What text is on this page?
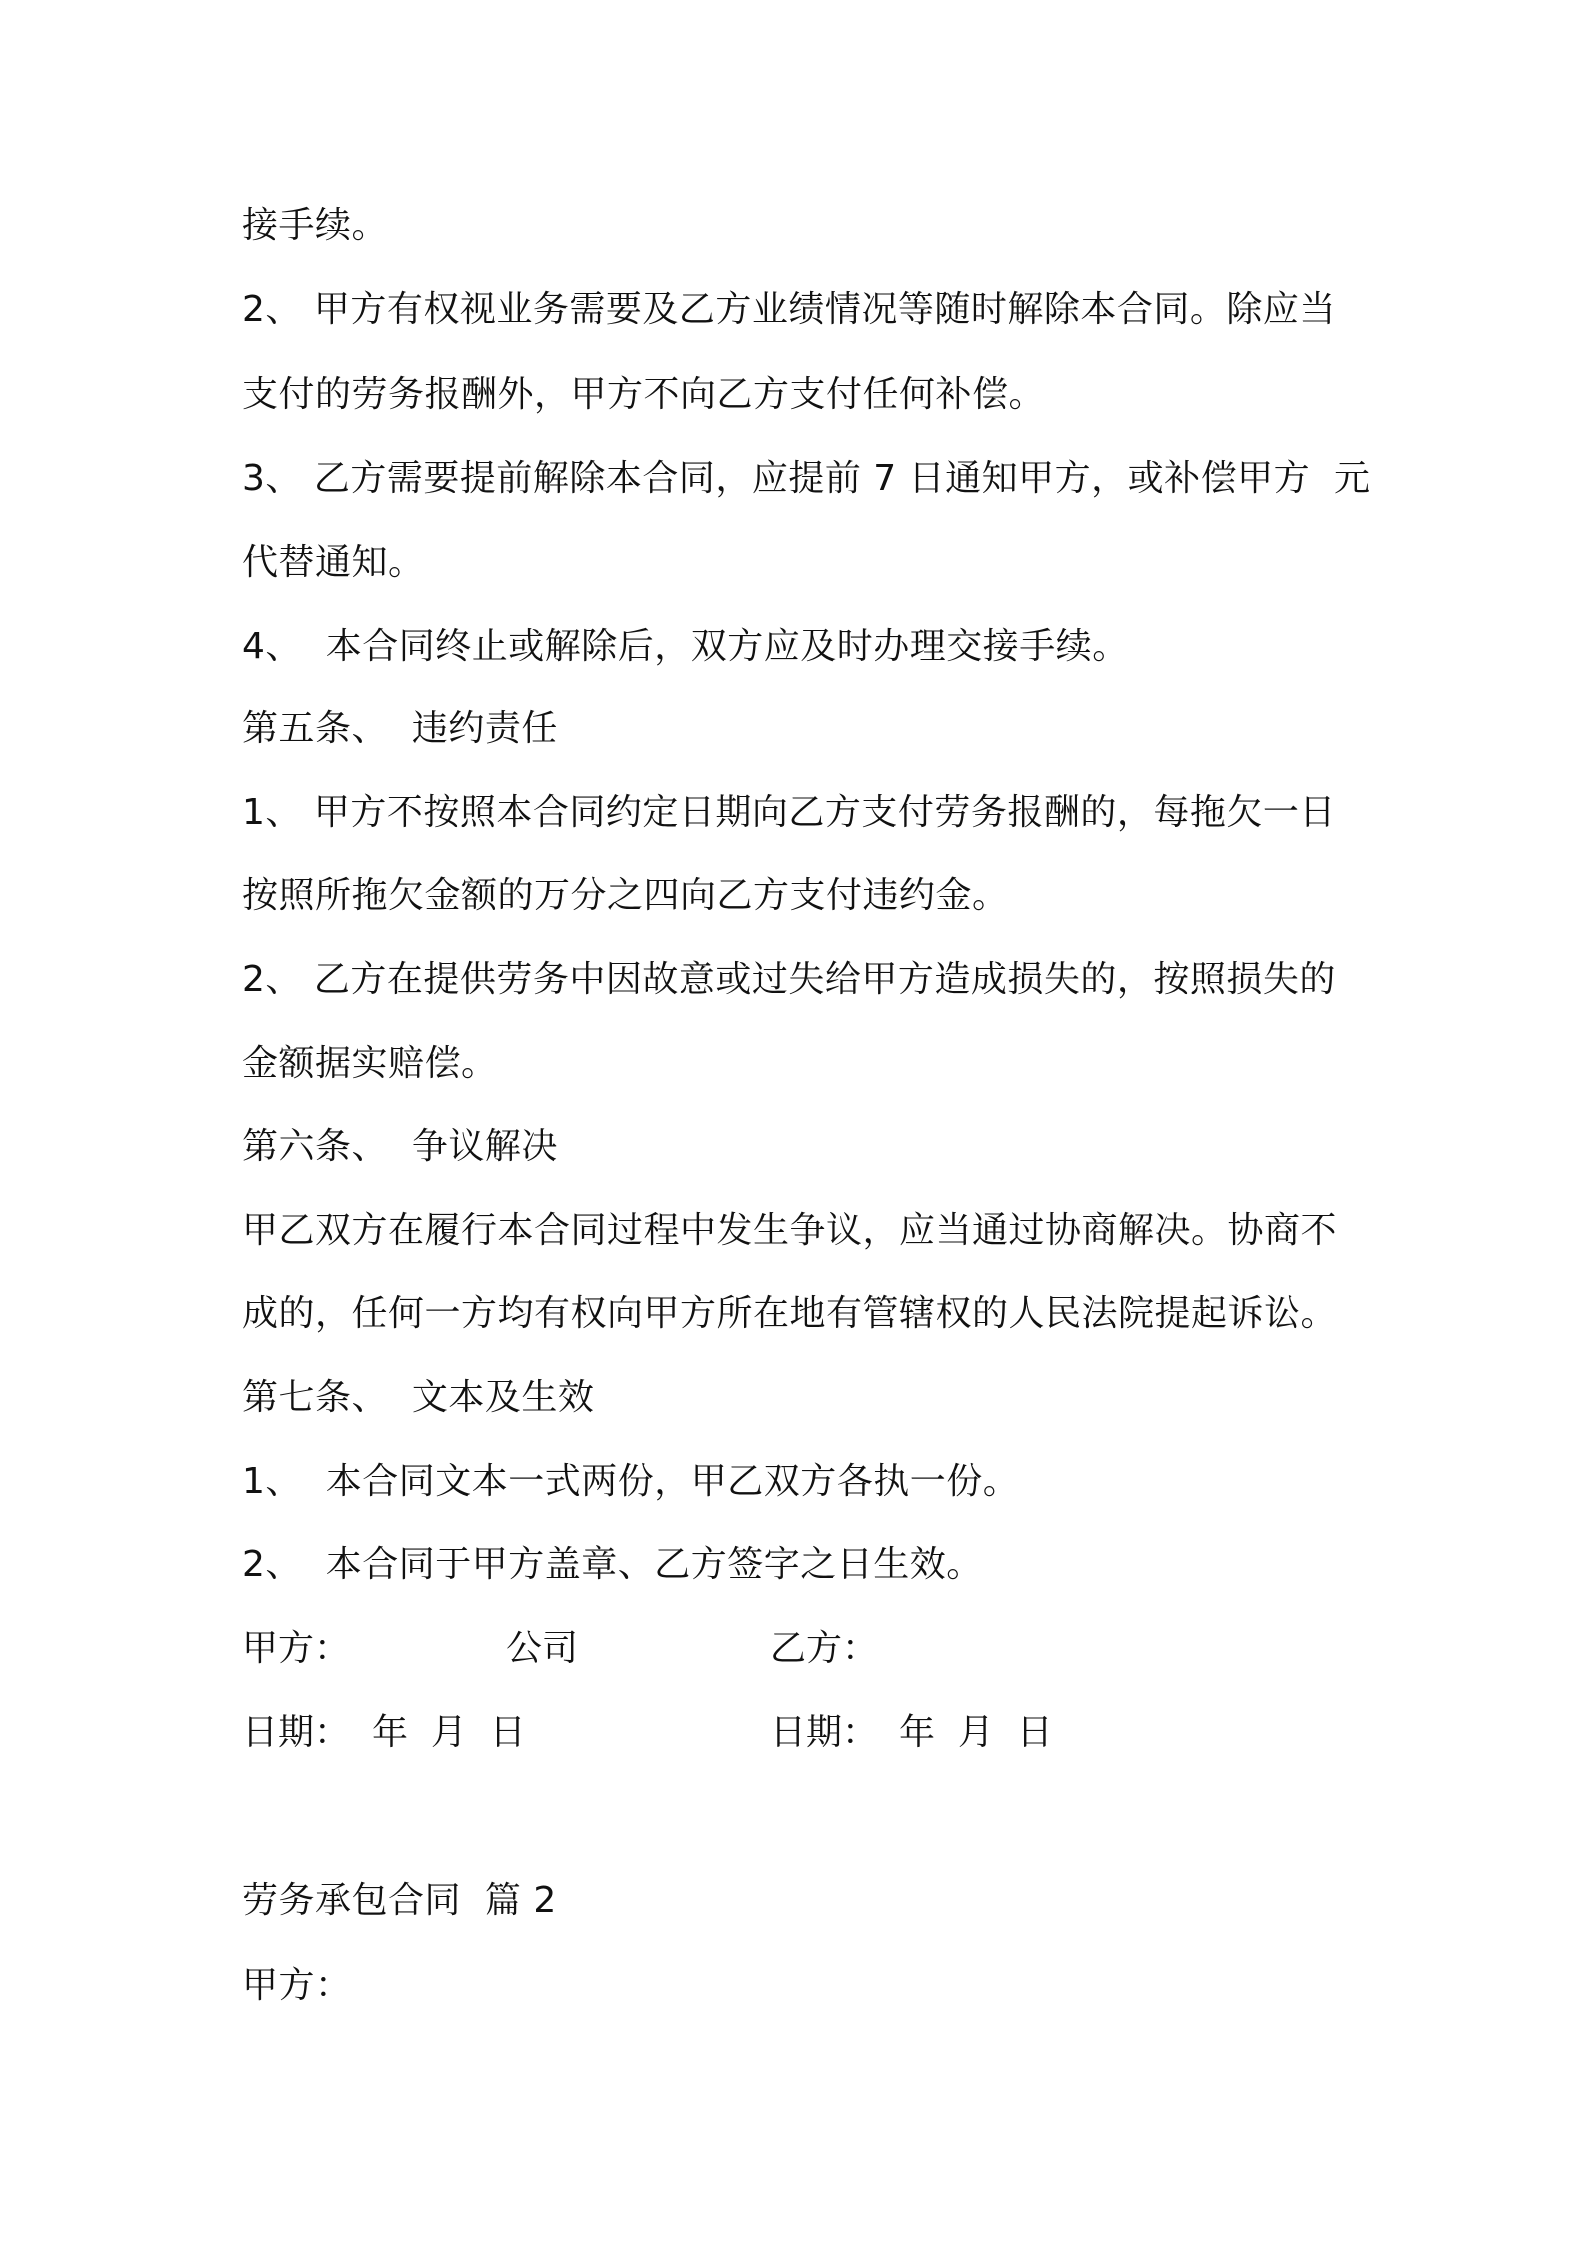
接手续。
2、 甲方有权视业务需要及乙方业绩情况等随时解除本合同。除应当
支付的劳务报酬外，甲方不向乙方支付任何补偿。
3、 乙方需要提前解除本合同，应提前 7 日通知甲方，或补偿甲方  元
代替通知。
4、  本合同终止或解除后，双方应及时办理交接手续。
第五条、  违约责任
1、 甲方不按照本合同约定日期向乙方支付劳务报酬的，每拖欠一日
按照所拖欠金额的万分之四向乙方支付违约金。
2、 乙方在提供劳务中因故意或过失给甲方造成损失的，按照损失的
金额据实赔偿。
第六条、  争议解决
甲乙双方在履行本合同过程中发生争议，应当通过协商解决。协商不
成的，任何一方均有权向甲方所在地有管辖权的人民法院提起诉讼。
第七条、  文本及生效
1、  本合同文本一式两份，甲乙双方各执一份。
2、  本合同于甲方盖章、乙方签字之日生效。
甲方：	公司	乙方：
日期： 年  月  日	日期： 年  月  日
劳务承包合同  篇 2
甲方：
